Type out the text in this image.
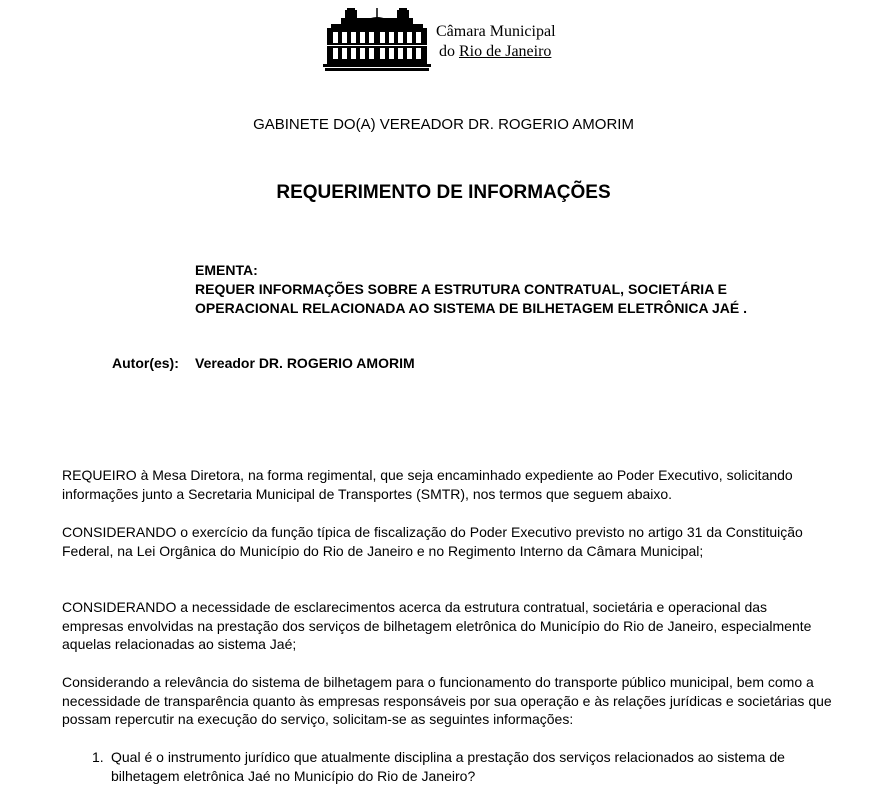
Câmara Municipal
do Rio de Janeiro
GABINETE DO(A) VEREADOR DR. ROGERIO AMORIM
REQUERIMENTO DE INFORMAÇÕES
EMENTA:
REQUER INFORMAÇÕES SOBRE A ESTRUTURA CONTRATUAL, SOCIETÁRIA E
OPERACIONAL RELACIONADA AO SISTEMA DE BILHETAGEM ELETRÔNICA JAÉ .
Autor(es): Vereador DR. ROGERIO AMORIM
REQUEIRO à Mesa Diretora, na forma regimental, que seja encaminhado expediente ao Poder Executivo, solicitando informações junto a Secretaria Municipal de Transportes (SMTR), nos termos que seguem abaixo.
CONSIDERANDO o exercício da função típica de fiscalização do Poder Executivo previsto no artigo 31 da Constituição Federal, na Lei Orgânica do Município do Rio de Janeiro e no Regimento Interno da Câmara Municipal;
CONSIDERANDO a necessidade de esclarecimentos acerca da estrutura contratual, societária e operacional das empresas envolvidas na prestação dos serviços de bilhetagem eletrônica do Município do Rio de Janeiro, especialmente aquelas relacionadas ao sistema Jaé;
Considerando a relevância do sistema de bilhetagem para o funcionamento do transporte público municipal, bem como a necessidade de transparência quanto às empresas responsáveis por sua operação e às relações jurídicas e societárias que possam repercutir na execução do serviço, solicitam-se as seguintes informações:
1. Qual é o instrumento jurídico que atualmente disciplina a prestação dos serviços relacionados ao sistema de bilhetagem eletrônica Jaé no Município do Rio de Janeiro?
